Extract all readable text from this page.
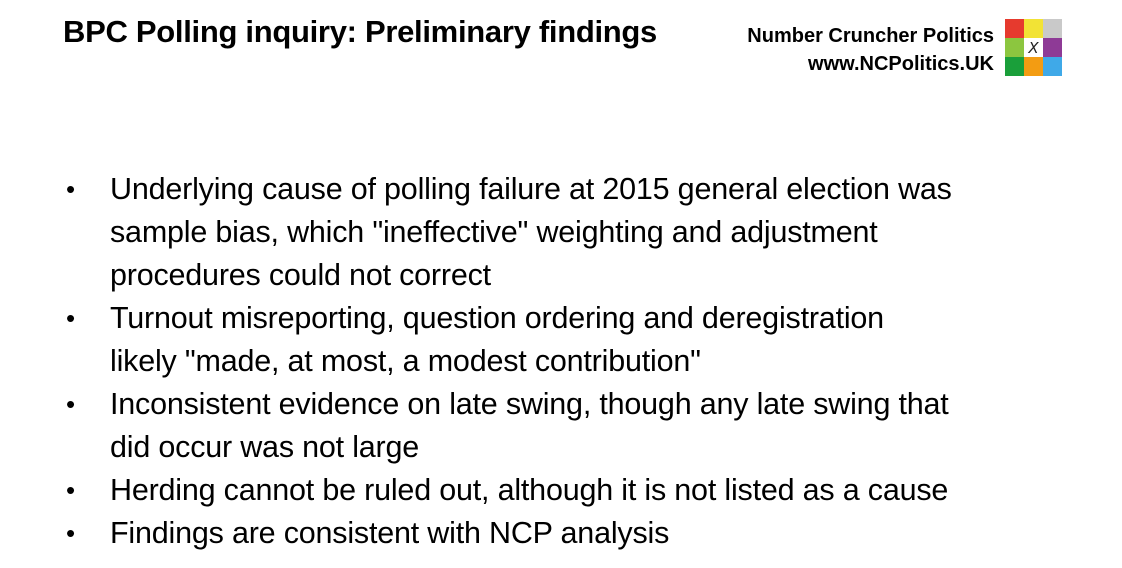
BPC Polling inquiry: Preliminary findings	Number Cruncher Politics
www.NCPolitics.UK
X
• Underlying cause of polling failure at 2015 general election was
sample bias, which "ineffective" weighting and adjustment
procedures could not correct
• Turnout misreporting, question ordering and deregistration
likely "made, at most, a modest contribution"
• Inconsistent evidence on late swing, though any late swing that
did occur was not large
• Herding cannot be ruled out, although it is not listed as a cause
• Findings are consistent with NCP analysis
